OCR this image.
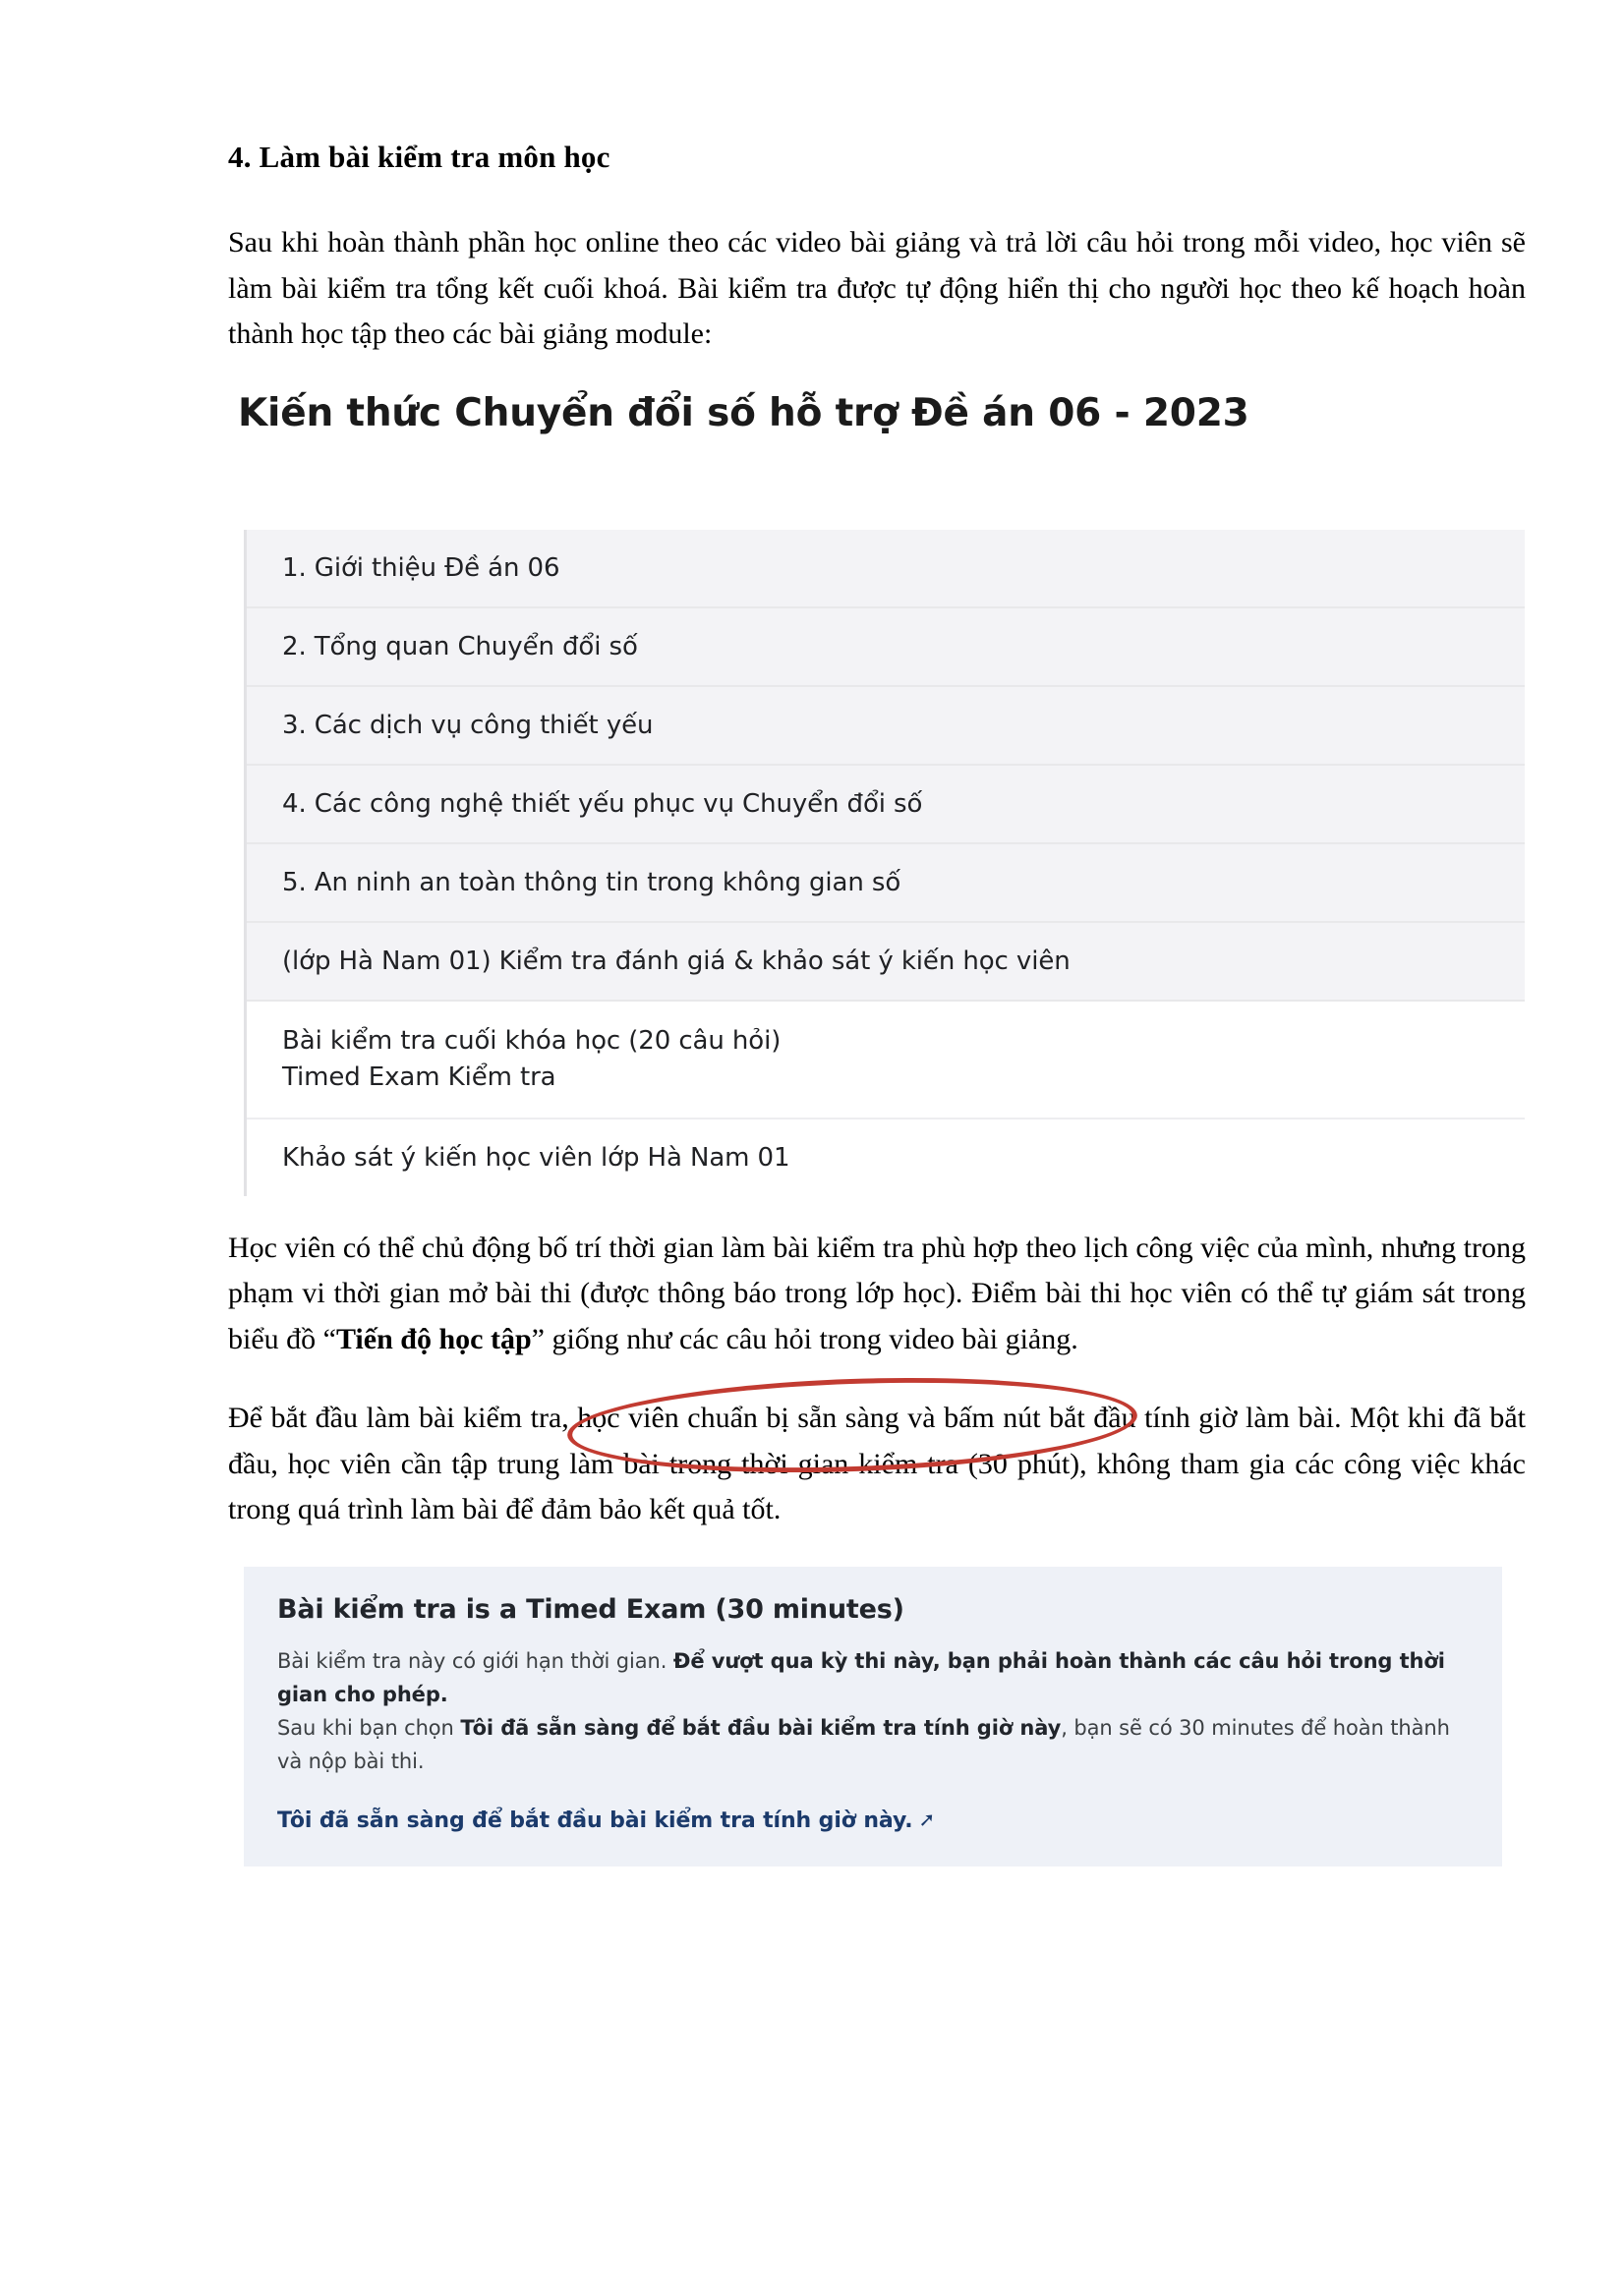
4. Làm bài kiểm tra môn học

Sau khi hoàn thành phần học online theo các video bài giảng và trả lời câu hỏi trong mỗi video, học viên sẽ làm bài kiểm tra tổng kết cuối khoá. Bài kiểm tra được tự động hiển thị cho người học theo kế hoạch hoàn thành học tập theo các bài giảng module:

Kiến thức Chuyển đổi số hỗ trợ Đề án 06 - 2023
1. Giới thiệu Đề án 06
2. Tổng quan Chuyển đổi số
3. Các dịch vụ công thiết yếu
4. Các công nghệ thiết yếu phục vụ Chuyển đổi số
5. An ninh an toàn thông tin trong không gian số
(lớp Hà Nam 01) Kiểm tra đánh giá & khảo sát ý kiến học viên
Bài kiểm tra cuối khóa học (20 câu hỏi)
Timed Exam Kiểm tra
Khảo sát ý kiến học viên lớp Hà Nam 01

Học viên có thể chủ động bố trí thời gian làm bài kiểm tra phù hợp theo lịch công việc của mình, nhưng trong phạm vi thời gian mở bài thi (được thông báo trong lớp học). Điểm bài thi học viên có thể tự giám sát trong biểu đồ “Tiến độ học tập” giống như các câu hỏi trong video bài giảng.

Để bắt đầu làm bài kiểm tra, học viên chuẩn bị sẵn sàng và bấm nút bắt đầu tính giờ làm bài. Một khi đã bắt đầu, học viên cần tập trung làm bài trong thời gian kiểm tra (30 phút), không tham gia các công việc khác trong quá trình làm bài để đảm bảo kết quả tốt.

Bài kiểm tra is a Timed Exam (30 minutes)
Bài kiểm tra này có giới hạn thời gian. Để vượt qua kỳ thi này, bạn phải hoàn thành các câu hỏi trong thời gian cho phép.
Sau khi bạn chọn Tôi đã sẵn sàng để bắt đầu bài kiểm tra tính giờ này, bạn sẽ có 30 minutes để hoàn thành và nộp bài thi.
Tôi đã sẵn sàng để bắt đầu bài kiểm tra tính giờ này. ➚
